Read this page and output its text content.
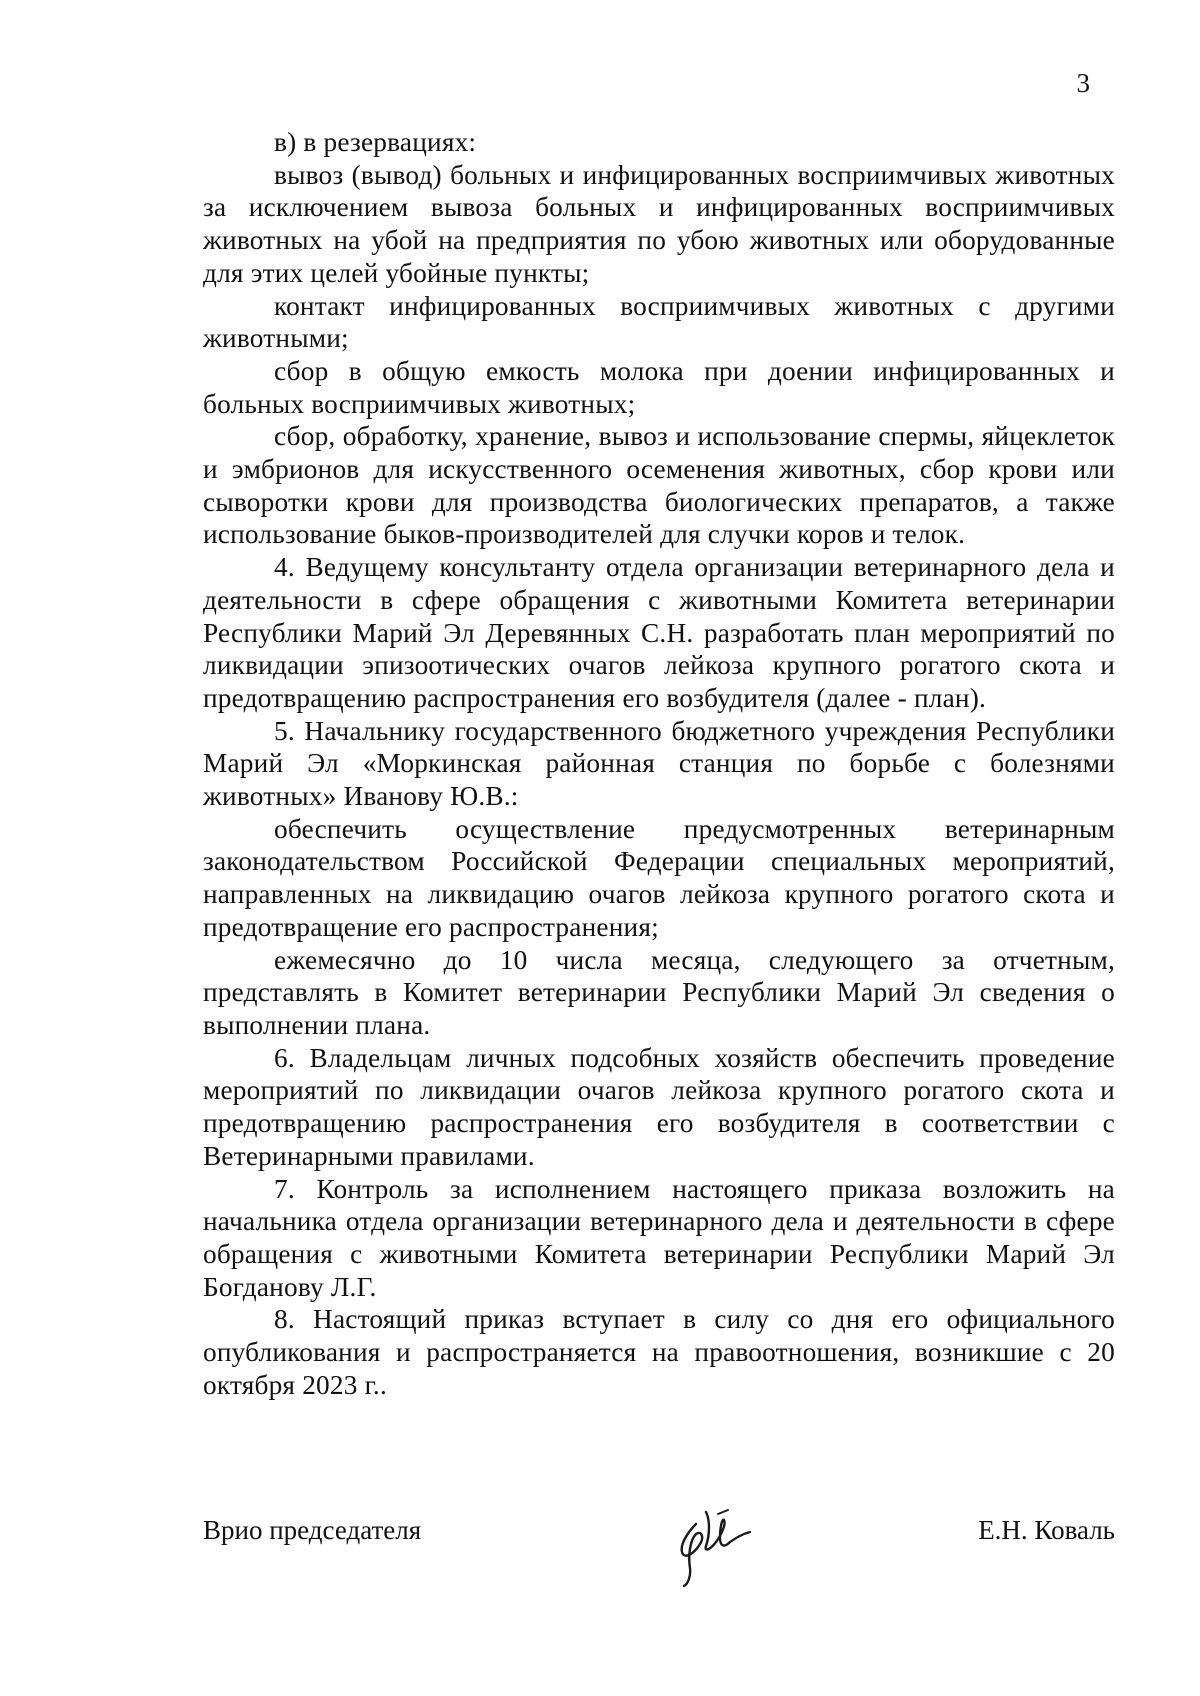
3

в) в резервациях:

вывоз (вывод) больных и инфицированных восприимчивых животных за исключением вывоза больных и инфицированных восприимчивых животных на убой на предприятия по убою животных или оборудованные для этих целей убойные пункты;

контакт инфицированных восприимчивых животных с другими животными;

сбор в общую емкость молока при доении инфицированных и больных восприимчивых животных;

сбор, обработку, хранение, вывоз и использование спермы, яйцеклеток и эмбрионов для искусственного осеменения животных, сбор крови или сыворотки крови для производства биологических препаратов, а также использование быков-производителей для случки коров и телок.

4. Ведущему консультанту отдела организации ветеринарного дела и деятельности в сфере обращения с животными Комитета ветеринарии Республики Марий Эл Деревянных С.Н. разработать план мероприятий по ликвидации эпизоотических очагов лейкоза крупного рогатого скота и предотвращению распространения его возбудителя (далее - план).

5. Начальнику государственного бюджетного учреждения Республики Марий Эл «Моркинская районная станция по борьбе с болезнями животных» Иванову Ю.В.:

обеспечить осуществление предусмотренных ветеринарным законодательством Российской Федерации специальных мероприятий, направленных на ликвидацию очагов лейкоза крупного рогатого скота и предотвращение его распространения;

ежемесячно до 10 числа месяца, следующего за отчетным, представлять в Комитет ветеринарии Республики Марий Эл сведения о выполнении плана.

6. Владельцам личных подсобных хозяйств обеспечить проведение мероприятий по ликвидации очагов лейкоза крупного рогатого скота и предотвращению распространения его возбудителя в соответствии с Ветеринарными правилами.

7. Контроль за исполнением настоящего приказа возложить на начальника отдела организации ветеринарного дела и деятельности в сфере обращения с животными Комитета ветеринарии Республики Марий Эл Богданову Л.Г.

8. Настоящий приказ вступает в силу со дня его официального опубликования и распространяется на правоотношения, возникшие с 20 октября 2023 г..

Врио председателя	Е.Н. Коваль
